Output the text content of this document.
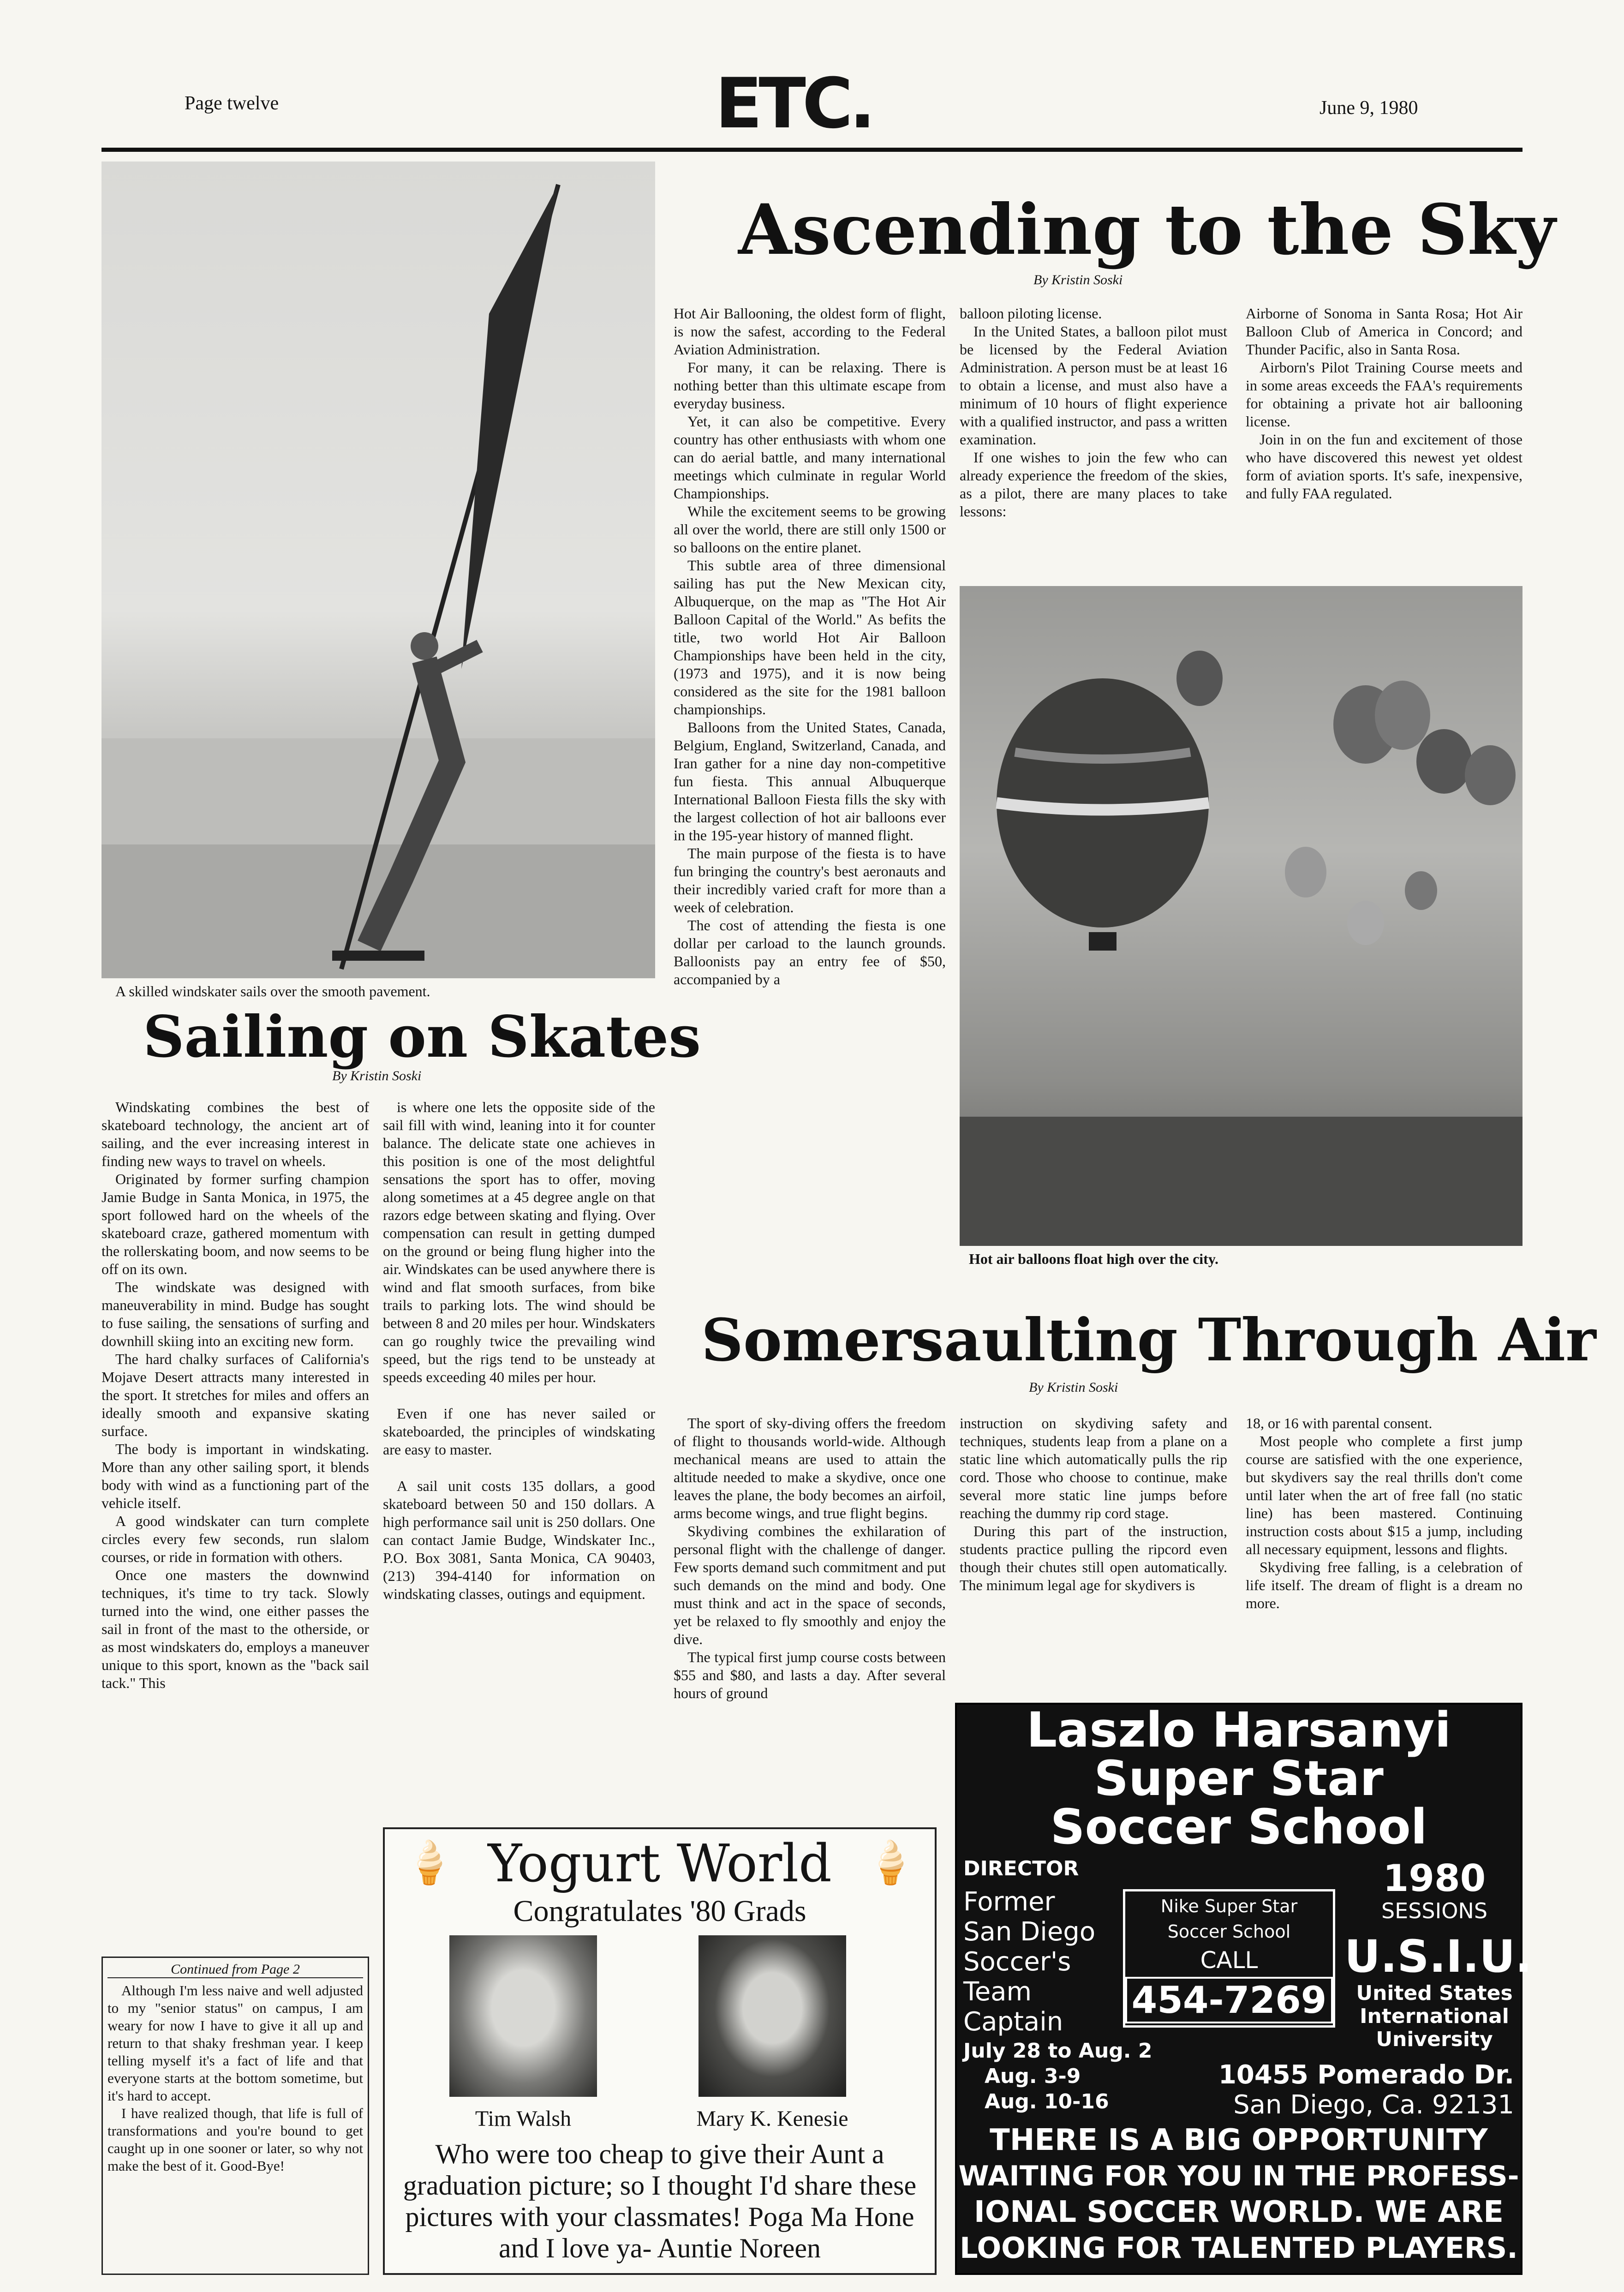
Page twelve	ETC.	June 9, 1980
A skilled windskater sails over the smooth pavement.
Sailing on Skates
By Kristin Soski

Windskating combines the best of skateboard technology, the ancient art of sailing, and the ever increasing interest in finding new ways to travel on wheels.

Originated by former surfing champion Jamie Budge in Santa Monica, in 1975, the sport followed hard on the wheels of the skateboard craze, gathered momentum with the rollerskating boom, and now seems to be off on its own.

The windskate was designed with maneuverability in mind. Budge has sought to fuse sailing, the sensations of surfing and downhill skiing into an exciting new form.

The hard chalky surfaces of California's Mojave Desert attracts many interested in the sport. It stretches for miles and offers an ideally smooth and expansive skating surface.

The body is important in windskating. More than any other sailing sport, it blends body with wind as a functioning part of the vehicle itself.

A good windskater can turn complete circles every few seconds, run slalom courses, or ride in formation with others.

Once one masters the downwind techniques, it's time to try tack. Slowly turned into the wind, one either passes the sail in front of the mast to the otherside, or as most windskaters do, employs a maneuver unique to this sport, known as the "back sail tack." This

is where one lets the opposite side of the sail fill with wind, leaning into it for counter balance. The delicate state one achieves in this position is one of the most delightful sensations the sport has to offer, moving along sometimes at a 45 degree angle on that razors edge between skating and flying. Over compensation can result in getting dumped on the ground or being flung higher into the air. Windskates can be used anywhere there is wind and flat smooth surfaces, from bike trails to parking lots. The wind should be between 8 and 20 miles per hour. Windskaters can go roughly twice the prevailing wind speed, but the rigs tend to be unsteady at speeds exceeding 40 miles per hour.

Even if one has never sailed or skateboarded, the principles of windskating are easy to master.

A sail unit costs 135 dollars, a good skateboard between 50 and 150 dollars. A high performance sail unit is 250 dollars. One can contact Jamie Budge, Windskater Inc., P.O. Box 3081, Santa Monica, CA 90403, (213) 394-4140 for information on windskating classes, outings and equipment.

Continued from Page 2

Although I'm less naive and well adjusted to my "senior status" on campus, I am weary for now I have to give it all up and return to that shaky freshman year. I keep telling myself it's a fact of life and that everyone starts at the bottom sometime, but it's hard to accept.

I have realized though, that life is full of transformations and you're bound to get caught up in one sooner or later, so why not make the best of it. Good-Bye!

Ascending to the Sky
By Kristin Soski

Hot Air Ballooning, the oldest form of flight, is now the safest, according to the Federal Aviation Administration.

For many, it can be relaxing. There is nothing better than this ultimate escape from everyday business.

Yet, it can also be competitive. Every country has other enthusiasts with whom one can do aerial battle, and many international meetings which culminate in regular World Championships.

While the excitement seems to be growing all over the world, there are still only 1500 or so balloons on the entire planet.

This subtle area of three dimensional sailing has put the New Mexican city, Albuquerque, on the map as "The Hot Air Balloon Capital of the World." As befits the title, two world Hot Air Balloon Championships have been held in the city, (1973 and 1975), and it is now being considered as the site for the 1981 balloon championships.

Balloons from the United States, Canada, Belgium, England, Switzerland, Canada, and Iran gather for a nine day non-competitive fun fiesta. This annual Albuquerque International Balloon Fiesta fills the sky with the largest collection of hot air balloons ever in the 195-year history of manned flight.

The main purpose of the fiesta is to have fun bringing the country's best aeronauts and their incredibly varied craft for more than a week of celebration.

The cost of attending the fiesta is one dollar per carload to the launch grounds. Balloonists pay an entry fee of $50, accompanied by a

balloon piloting license.

In the United States, a balloon pilot must be licensed by the Federal Aviation Administration. A person must be at least 16 to obtain a license, and must also have a minimum of 10 hours of flight experience with a qualified instructor, and pass a written examination.

If one wishes to join the few who can already experience the freedom of the skies, as a pilot, there are many places to take lessons:

Airborne of Sonoma in Santa Rosa; Hot Air Balloon Club of America in Concord; and Thunder Pacific, also in Santa Rosa.

Airborn's Pilot Training Course meets and in some areas exceeds the FAA's requirements for obtaining a private hot air ballooning license.

Join in on the fun and excitement of those who have discovered this newest yet oldest form of aviation sports. It's safe, inexpensive, and fully FAA regulated.

Hot air balloons float high over the city.
Somersaulting Through Air
By Kristin Soski

The sport of sky-diving offers the freedom of flight to thousands world-wide. Although mechanical means are used to attain the altitude needed to make a skydive, once one leaves the plane, the body becomes an airfoil, arms become wings, and true flight begins.

Skydiving combines the exhilaration of personal flight with the challenge of danger. Few sports demand such commitment and put such demands on the mind and body. One must think and act in the space of seconds, yet be relaxed to fly smoothly and enjoy the dive.

The typical first jump course costs between $55 and $80, and lasts a day. After several hours of ground

instruction on skydiving safety and techniques, students leap from a plane on a static line which automatically pulls the rip cord. Those who choose to continue, make several more static line jumps before reaching the dummy rip cord stage.

During this part of the instruction, students practice pulling the ripcord even though their chutes still open automatically. The minimum legal age for skydivers is

18, or 16 with parental consent.

Most people who complete a first jump course are satisfied with the one experience, but skydivers say the real thrills don't come until later when the art of free fall (no static line) has been mastered. Continuing instruction costs about $15 a jump, including all necessary equipment, lessons and flights.

Skydiving free falling, is a celebration of life itself. The dream of flight is a dream no more.

🍦	🍦
Yogurt World
Congratulates '80 Grads
Tim Walsh	Mary K. Kenesie
Who were too cheap to give their Aunt a graduation picture; so I thought I'd share these pictures with your classmates! Poga Ma Hone and I love ya- Auntie Noreen
Laszlo Harsanyi
Super Star
Soccer School
DIRECTOR
Former
San Diego
Soccer's
Team
Captain
Nike Super Star
Soccer School
CALL
454-7269
1980
SESSIONS
U.S.I.U.
United States
International
University
July 28 to Aug. 2
Aug. 3-9
Aug. 10-16
10455 Pomerado Dr.
San Diego, Ca. 92131
THERE IS A BIG OPPORTUNITY
WAITING FOR YOU IN THE PROFESS-
IONAL SOCCER WORLD. WE ARE
LOOKING FOR TALENTED PLAYERS.
